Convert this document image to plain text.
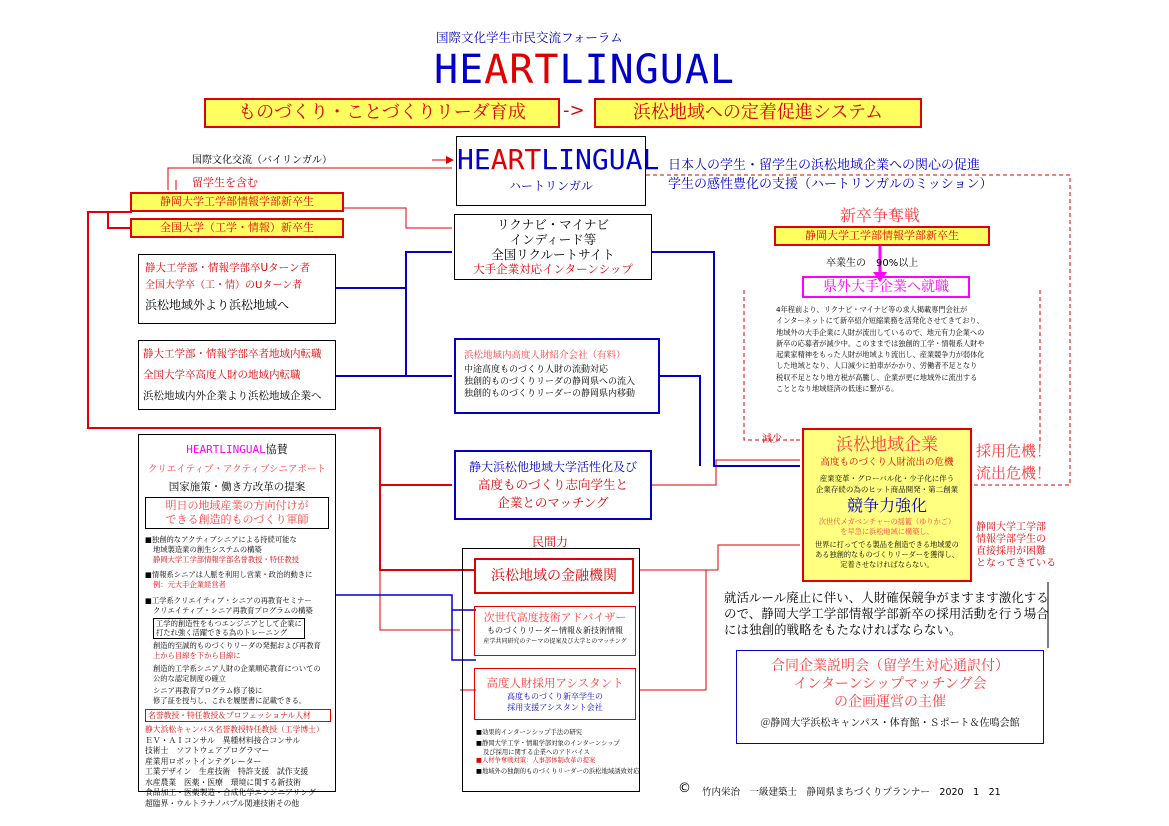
国際文化学生市民交流フォーラム
HEARTLINGUAL
ものづくり・ことづくりリーダ育成	->	浜松地域への定着促進システム
HEARTLINGUAL
ハートリンガル
日本人の学生・留学生の浜松地域企業への関心の促進
学生の感性豊化の支援（ハートリンガルのミッション）
国際文化交流（バイリンガル）
留学生を含む
静岡大学工学部情報学部新卒生
全国大学（工学・情報）新卒生
静大工学部・情報学部卒Uターン者
全国大学卒（工・情）のUターン者
浜松地域外より浜松地域へ
静大工学部・情報学部卒者地域内転職
全国大学卒高度人財の地域内転職
浜松地域内外企業より浜松地域企業へ
リクナビ・マイナビ
インディード等
全国リクルートサイト
大手企業対応インターンシップ
浜松地域内高度人財紹介会社（有料）
中途高度ものづくり人財の流動対応
独創的ものづくりリーダの静岡県への流入
独創的ものづくりリーダーの静岡県内移動
静大浜松他地域大学活性化及び
高度ものづくり志向学生と
企業とのマッチング
新卒争奪戦
静岡大学工学部情報学部新卒生
卒業生の　90%以上
県外大手企業へ就職
4年程前より、リクナビ・マイナビ等の求人掲載専門会社が
インターネットにて新卒紹介短縮業務を活発化させてきており、
地域外の大手企業に人財が流出しているので、地元有力企業への
新卒の応募者が減少中。このままでは独創的工学・情報系人財や
起業家精神をもった人財が地域より流出し、産業競争力が弱体化
した地域となり、人口減少に拍車がかかり、労働者不足となり
税収不足となり地方税が高騰し、企業が更に地域外に流出する
こととなり地域経済の低迷に繋がる。
減少	浜松地域企業
高度ものづくり人財流出の危機
産業変革・グローバル化・少子化に伴う
企業存続の為のヒット商品開発・第二創業
競争力強化
次世代メガベンチャーの揺籃（ゆりかご）
を早急に浜松地域に構築し、
世界に打ってでる製品を創造できる地域愛の
ある独創的なものづくりリーダーを獲得し、
定着させなければならない。
採用危機！
流出危機！
静岡大学工学部
情報学部学生の
直接採用が困難
となってきている
HEARTLINGUAL協賛
クリエイティブ・アクティブシニアポート
国家施策・働き方改革の提案
明日の地域産業の方向付けが
できる創造的ものづくり軍師
■独創的なアクティブシニアによる持続可能な
地域製造業の創生システムの構築
静岡大学工学部情報学部名誉教授・特任教授
■情報系シニアは人脈を利用し営業・政治的動きに
例：元大手企業経営者
■工学系クリエイティブ・シニアの再教育セミナー
クリエイティブ・シニア再教育プログラムの構築
工学的創造性をもつエンジニアとして企業に
打たれ強く活躍できる為のトレーニング
創造的至誠的ものづくりリーダの発掘および再教育
上から目線を下から目線に
創造的工学系シニア人財の企業順応教育についての
公的な認定制度の確立
シニア再教育プログラム修了後に
修了証を授与し、これを履歴書に記載できる。
名誉教授・特任教授＆プロフェッショナル人材
静大浜松キャンパス名誉教授特任教授（工学博士）
ＥＶ・ＡＩコンサル　異種材料接合コンサル
技術士　ソフトウェアプログラマー
産業用ロボットインテグレーター
工業デザイン　生産技術　特許支援　試作支援
水産農業　医薬・医療　環境に関する新技術
食品加工・医薬製造・合成化学エンジニアリング
超臨界・ウルトラナノバブル関連技術その他
民間力
浜松地域の金融機関
次世代高度技術アドバイザー
ものづくりリーダー情報＆新技術情報
産学共同研究のテーマの提案及び大学とのマッチング
高度人財採用アシスタント
高度ものづくり新卒学生の
採用支援アシスタント会社
■効果的インターンシップ手法の研究
■静岡大学工学・情報学部対象のインターンシップ
及び採用に関する企業へのアドバイス
■人材争奪戦対策：人事部体制改革の提案
■地域外の独創的ものづくりリーダーの浜松地域誘致対応
就活ルール廃止に伴い、人財確保競争がますます激化する
ので、静岡大学工学部情報学部新卒の採用活動を行う場合
には独創的戦略をもたなければならない。
合同企業説明会（留学生対応通訳付）
インターンシップマッチング会
の企画運営の主催
＠静岡大学浜松キャンパス・体育館・Ｓポート＆佐鳴会館
© 竹内栄治　一級建築士　静岡県まちづくりプランナー　2020　1　21
